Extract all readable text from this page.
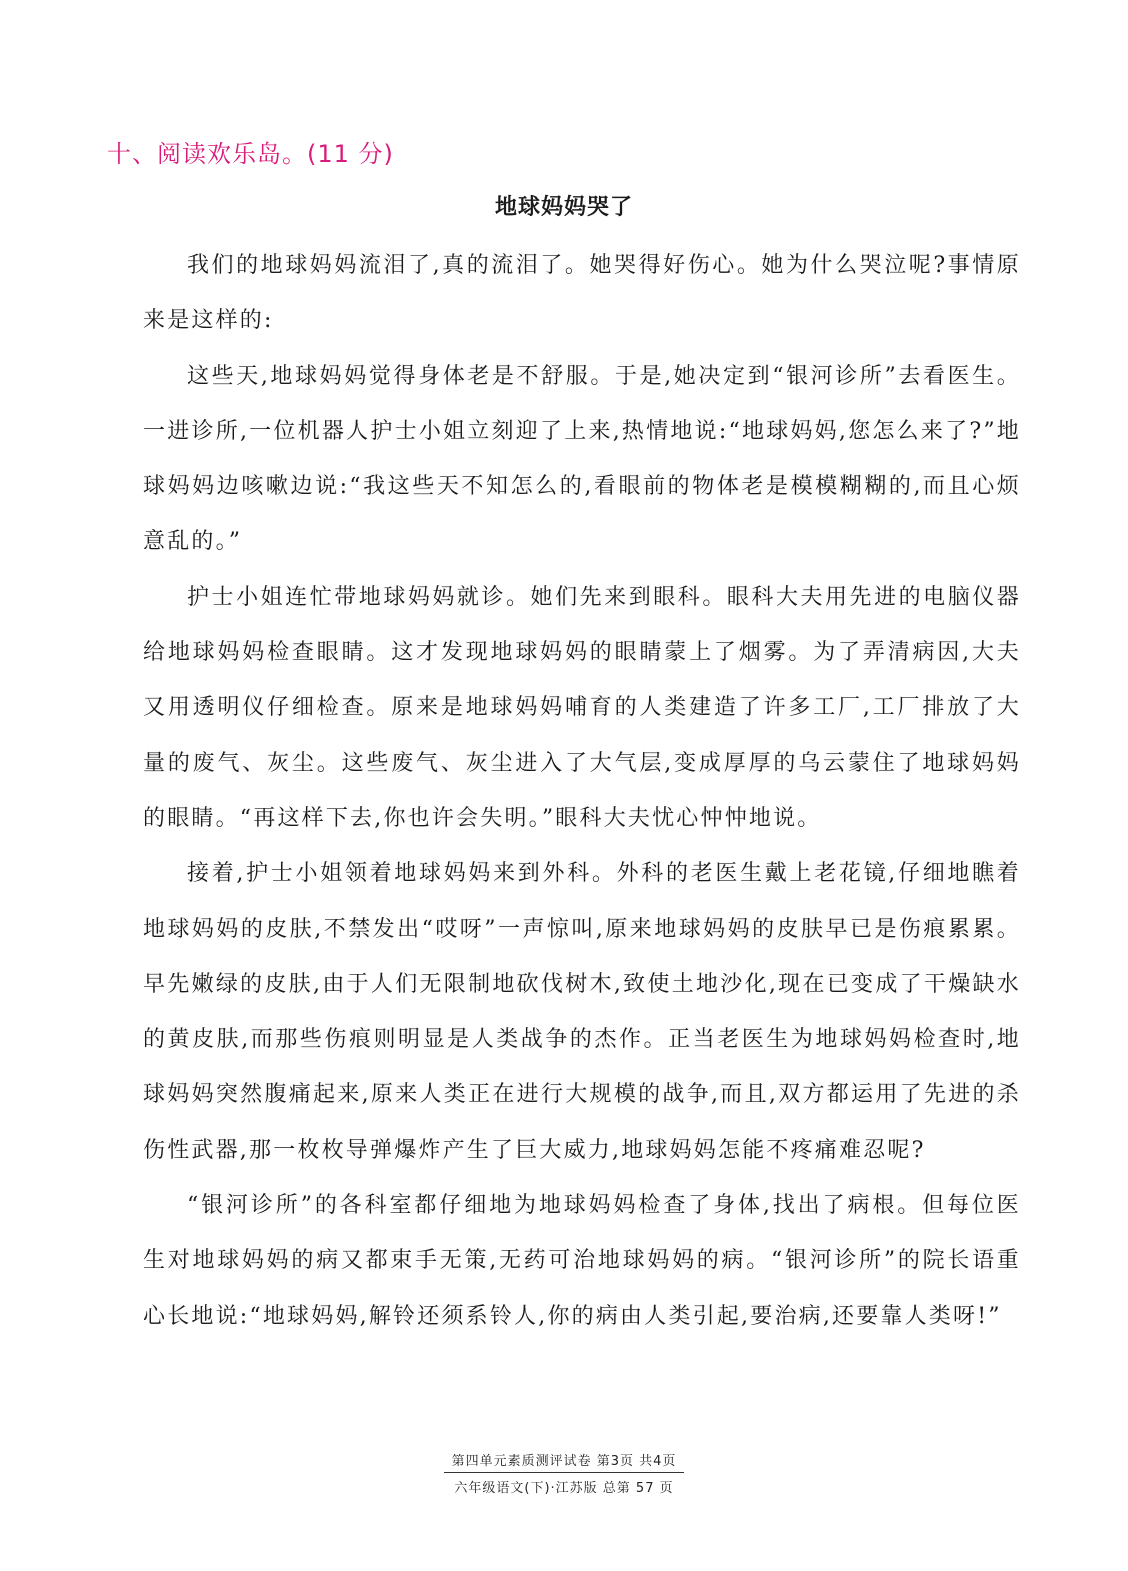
十、阅读欢乐岛。(11 分)
地球妈妈哭了

我们的地球妈妈流泪了,真的流泪了。她哭得好伤心。她为什么哭泣呢?事情原来是这样的:

这些天,地球妈妈觉得身体老是不舒服。于是,她决定到“银河诊所”去看医生。一进诊所,一位机器人护士小姐立刻迎了上来,热情地说:“地球妈妈,您怎么来了?”地球妈妈边咳嗽边说:“我这些天不知怎么的,看眼前的物体老是模模糊糊的,而且心烦意乱的。”

护士小姐连忙带地球妈妈就诊。她们先来到眼科。眼科大夫用先进的电脑仪器给地球妈妈检查眼睛。这才发现地球妈妈的眼睛蒙上了烟雾。为了弄清病因,大夫又用透明仪仔细检查。原来是地球妈妈哺育的人类建造了许多工厂,工厂排放了大量的废气、灰尘。这些废气、灰尘进入了大气层,变成厚厚的乌云蒙住了地球妈妈的眼睛。“再这样下去,你也许会失明。”眼科大夫忧心忡忡地说。

接着,护士小姐领着地球妈妈来到外科。外科的老医生戴上老花镜,仔细地瞧着地球妈妈的皮肤,不禁发出“哎呀”一声惊叫,原来地球妈妈的皮肤早已是伤痕累累。早先嫩绿的皮肤,由于人们无限制地砍伐树木,致使土地沙化,现在已变成了干燥缺水的黄皮肤,而那些伤痕则明显是人类战争的杰作。正当老医生为地球妈妈检查时,地球妈妈突然腹痛起来,原来人类正在进行大规模的战争,而且,双方都运用了先进的杀伤性武器,那一枚枚导弹爆炸产生了巨大威力,地球妈妈怎能不疼痛难忍呢?

“银河诊所”的各科室都仔细地为地球妈妈检查了身体,找出了病根。但每位医生对地球妈妈的病又都束手无策,无药可治地球妈妈的病。“银河诊所”的院长语重心长地说:“地球妈妈,解铃还须系铃人,你的病由人类引起,要治病,还要靠人类呀!”

第四单元素质测评试卷 第3页 共4页
六年级语文(下)·江苏版 总第 57 页
